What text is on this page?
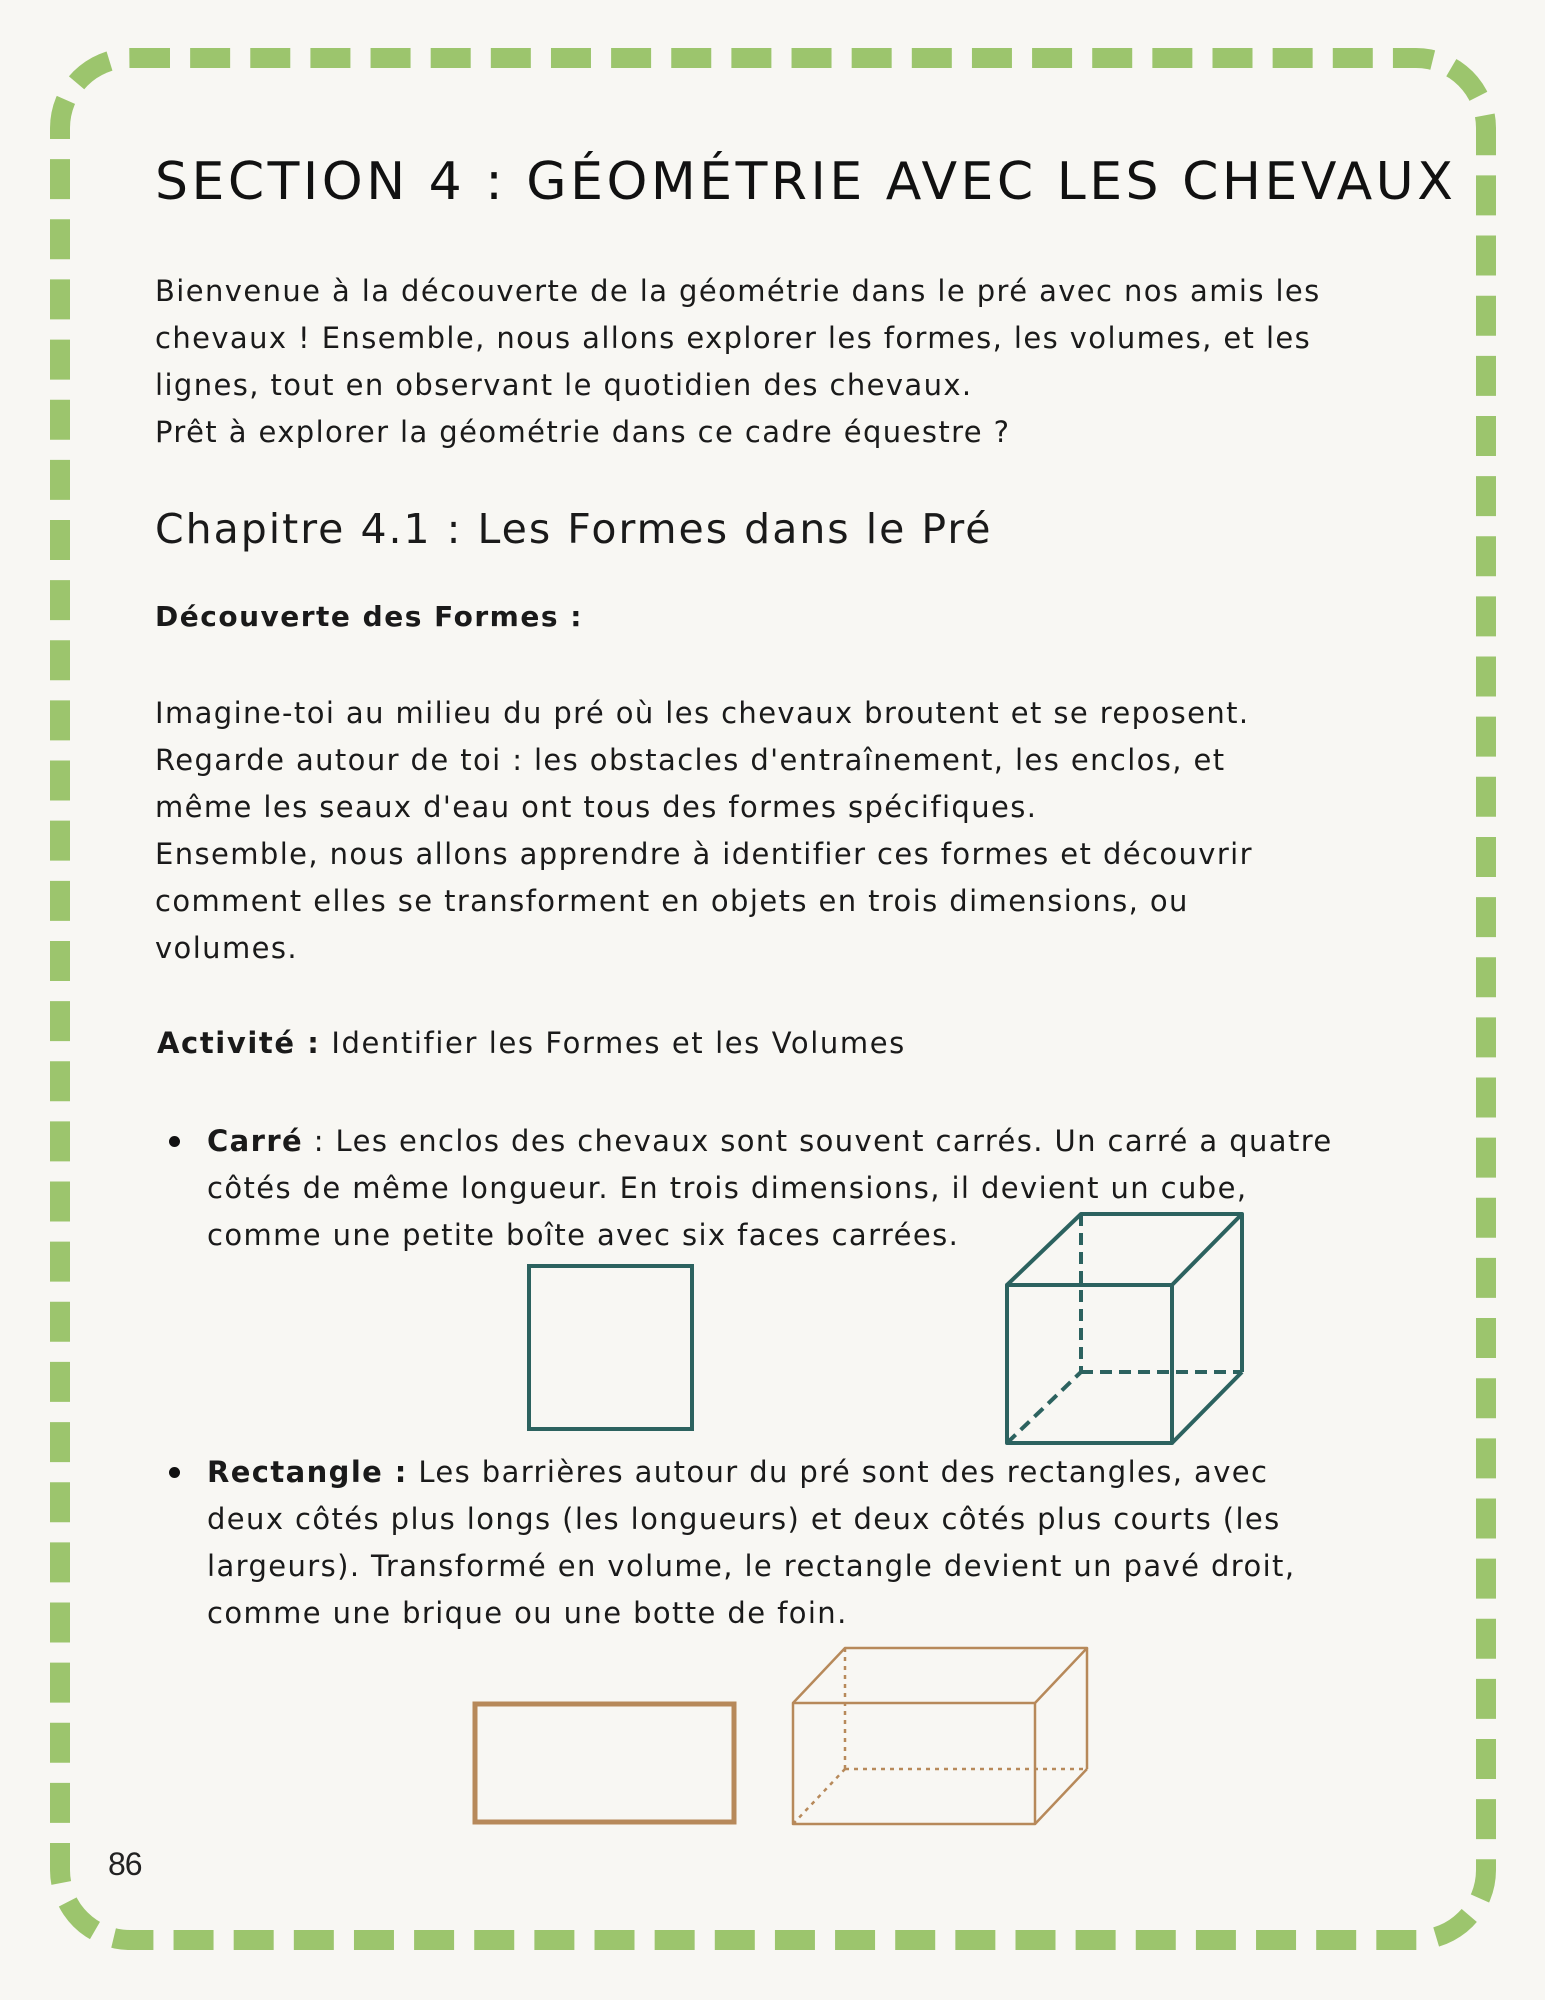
SECTION 4 : GÉOMÉTRIE AVEC LES CHEVAUX

Bienvenue à la découverte de la géométrie dans le pré avec nos amis les

chevaux ! Ensemble, nous allons explorer les formes, les volumes, et les

lignes, tout en observant le quotidien des chevaux.

Prêt à explorer la géométrie dans ce cadre équestre ?

Chapitre 4.1 : Les Formes dans le Pré
Découverte des Formes :

Imagine-toi au milieu du pré où les chevaux broutent et se reposent.

Regarde autour de toi : les obstacles d'entraînement, les enclos, et

même les seaux d'eau ont tous des formes spécifiques.

Ensemble, nous allons apprendre à identifier ces formes et découvrir

comment elles se transforment en objets en trois dimensions, ou

volumes.

Activité : Identifier les Formes et les Volumes

Carré : Les enclos des chevaux sont souvent carrés. Un carré a quatre

côtés de même longueur. En trois dimensions, il devient un cube,

comme une petite boîte avec six faces carrées.

Rectangle : Les barrières autour du pré sont des rectangles, avec

deux côtés plus longs (les longueurs) et deux côtés plus courts (les

largeurs). Transformé en volume, le rectangle devient un pavé droit,

comme une brique ou une botte de foin.

86
